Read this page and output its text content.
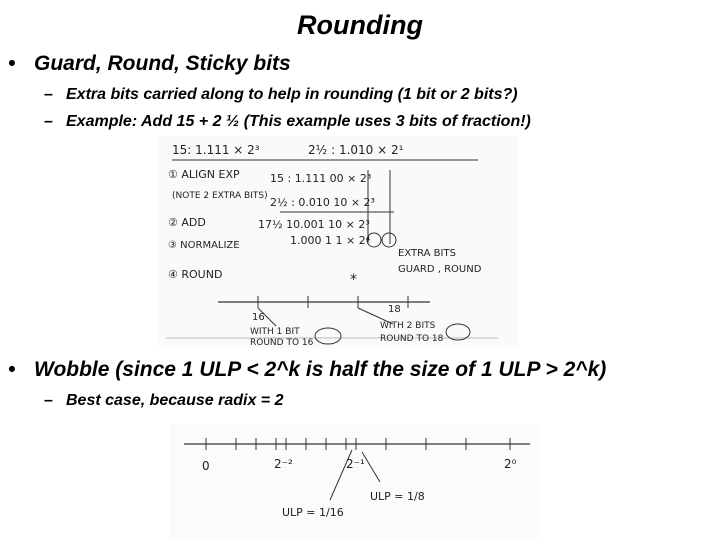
Rounding
• Guard, Round, Sticky bits
– Extra bits carried along to help in rounding (1 bit or 2 bits?)
– Example: Add 15 + 2 ½ (This example uses 3 bits of fraction!)
*
15: 1.111 × 2³	2½ : 1.010 × 2¹
① ALIGN EXP
(NOTE 2 EXTRA BITS)
② ADD
③ NORMALIZE
④ ROUND
15 : 1.111 00 × 2³
2½ : 0.010 10 × 2³
17½ 10.001 10 × 2³
1.000 1 1 × 2⁴
EXTRA BITS
GUARD , ROUND
16
18
WITH 1 BIT
ROUND TO 16
WITH 2 BITS
ROUND TO 18
• Wobble (since 1 ULP < 2^k is half the size of 1 ULP > 2^k)
– Best case, because radix = 2
0	2⁻²	2⁻¹	2⁰
ULP = 1/16
ULP = 1/8
